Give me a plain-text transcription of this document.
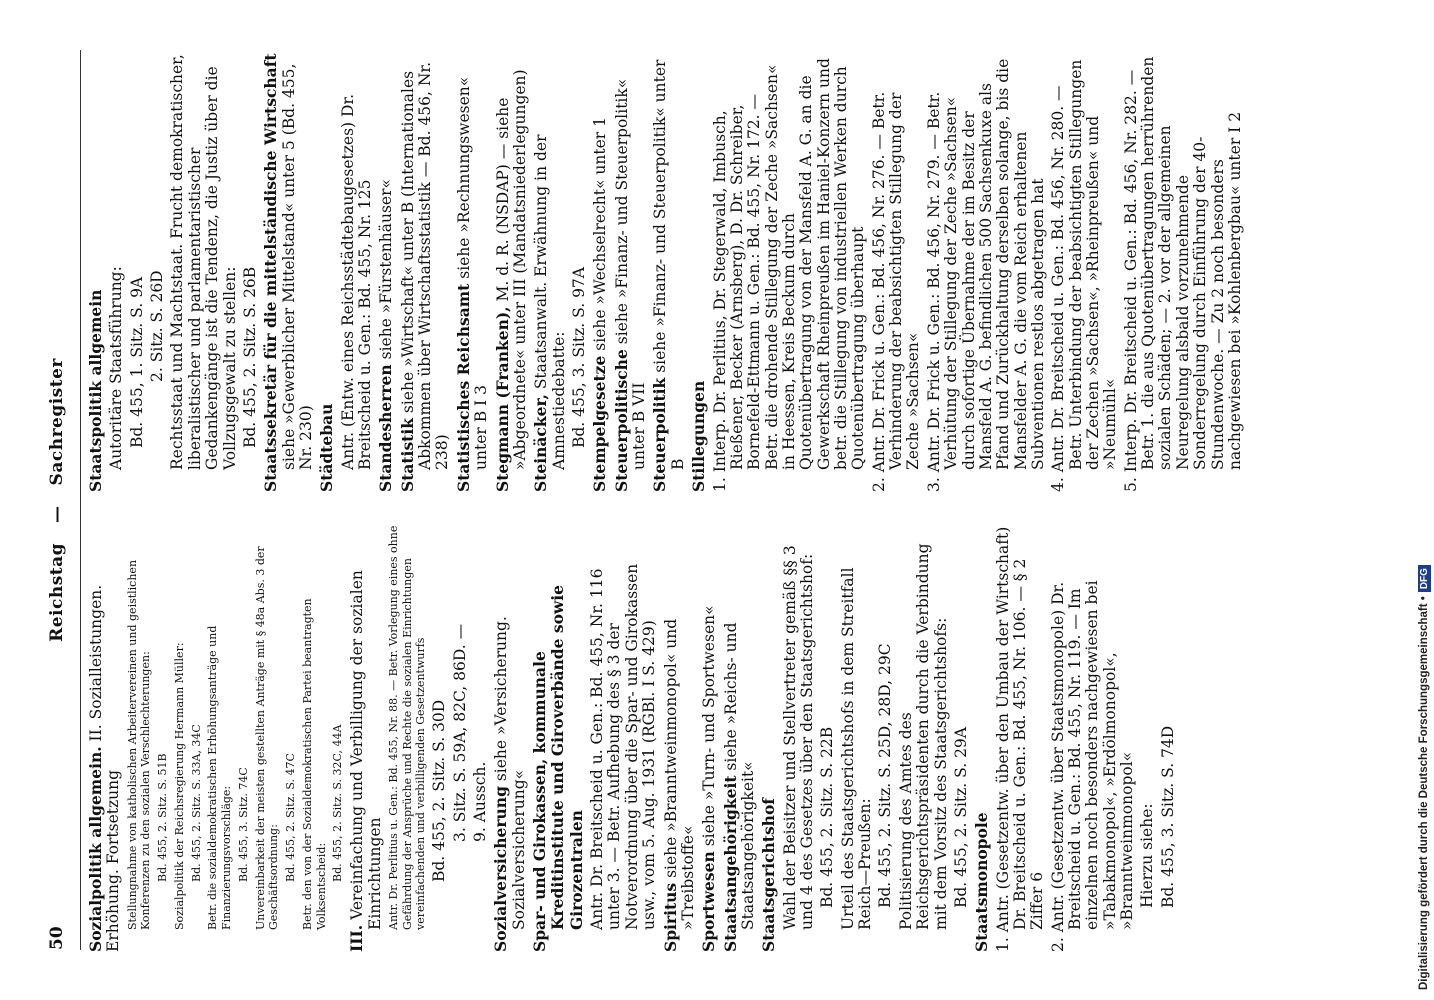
50
Reichstag—Sachregister
Sozialpolitik allgemein. II. Sozialleistungen. Erhöhung. Fortsetzung Stellungnahme von katholischen Arbeitervereinen und geistlichen Konferenzen zu den sozialen Verschlechterungen: Bd. 455, 2. Sitz. S. 51B Sozialpolitik der Reichsregierung Hermann Müller: Bd. 455, 2. Sitz. S. 33A, 34C Betr. die sozialdemokratischen Erhöhungsanträge und Finanzierungsvorschläge: Bd. 455, 3. Sitz. 74C Unvereinbarkeit der meisten gestellten Anträge mit § 48a Abs. 3 der Geschäftsordnung: Bd. 455, 2. Sitz. S. 47C Betr. den von der Sozialdemokratischen Partei beantragten Volksentscheid:
Bd. 455, 2. Sitz. S. 32C, 44A
III. Vereinfachung und Verbilligung der sozialen Einrichtungen Antr. Dr. Perlitius u. Gen.: Bd. 455, Nr. 88. — Betr. Vorlegung eines ohne Gefährdung der Ansprüche und Rechte die sozialen Einrichtungen vereinfachenden und verbilligenden Gesetzentwurfs Bd. 455, 2. Sitz. S. 30D 3. Sitz. S. 59A, 82C, 86D. — 9. Aussch. Sozialversicherung siehe »Versicherung. Sozialversicherung« Spar- und Girokassen, kommunale Kreditinstitute und Giroverbände sowie Girozentralen Antr. Dr. Breitscheid u. Gen.: Bd. 455, Nr. 116 unter 3. — Betr. Aufhebung des § 3 der Notverordnung über die Spar- und Girokassen usw., vom 5. Aug. 1931 (RGBl. I S. 429) Spiritus siehe »Branntweinmonopol« und »Treibstoffe« Sportwesen siehe »Turn- und Sportwesen«
Staatsangehörigkeit siehe »Reichs- und Staatsangehörigkeit« Staatsgerichtshof Wahl der Beisitzer und Stellvertreter gemäß §§ 3 und 4 des Gesetzes über den Staatsgerichtshof: Bd. 455, 2. Sitz. S. 22B Urteil des Staatsgerichtshofs in dem Streitfall Reich—Preußen: Bd. 455, 2. Sitz. S. 25D, 28D, 29C Politisierung des Amtes des Reichsgerichtspräsidenten durch die Verbindung mit dem Vorsitz des Staatsgerichtshofs: Bd. 455, 2. Sitz. S. 29A Staatsmonopole 1. Antr. (Gesetzentw. über den Umbau der Wirtschaft) Dr. Breitscheid u. Gen.: Bd. 455, Nr. 106. — § 2 Ziffer 6 2. Antr. (Gesetzentw. über Staatsmonopole) Dr. Breitscheid u. Gen.: Bd. 455, Nr. 119. — Im einzelnen noch besonders nachgewiesen bei »Tabakmonopol«, »Erdölmonopol«, »Branntweinmonopol« Hierzu siehe: Bd. 455, 3. Sitz. S. 74D
Staatspolitik allgemein Autoritäre Staatsführung: Bd. 455, 1. Sitz. S. 9A 2. Sitz. S. 26D Rechtsstaat und Machtstaat. Frucht demokratischer, liberalistischer und parlamentaristischer Gedankengänge ist die Tendenz, die Justiz über die Vollzugsgewalt zu stellen: Bd. 455, 2. Sitz. S. 26B Staatssekretär für die mittelständische Wirtschaft siehe »Gewerblicher Mittelstand« unter 5 (Bd. 455, Nr. 230) Städtebau Antr. (Entw. eines Reichsstädtebaugesetzes) Dr. Breitscheid u. Gen.: Bd. 455, Nr. 125 Standesherren siehe »Fürstenhäuser«
Statistik siehe »Wirtschaft« unter B (Internationales Abkommen über Wirtschaftsstatistik — Bd. 456, Nr. 238) Statistisches Reichsamt siehe »Rechnungswesen« unter B I 3 Stegmann (Franken), M. d. R. (NSDAP) — siehe »Abgeordnete« unter III (Mandatsniederlegungen) Steinäcker, Staatsanwalt. Erwähnung in der Amnestiedebatte: Bd. 455, 3. Sitz. S. 97A Stempelgesetze siehe »Wechselrecht« unter 1
Steuerpolitische siehe »Finanz- und Steuerpolitik« unter B VII Steuerpolitik siehe »Finanz- und Steuerpolitik« unter B Stillegungen 1. Interp. Dr. Perlitius, Dr. Stegerwald, Imbusch, Rießener, Becker (Arnsberg), D. Dr. Schreiber, Bornefeld-Ettmann u. Gen.: Bd. 455, Nr. 172. — Betr. die drohende Stillegung der Zeche »Sachsen« in Heessen, Kreis Beckum durch Quotenübertragung von der Mansfeld A. G. an die Gewerkschaft Rheinpreußen im Haniel-Konzern und betr. die Stillegung von industriellen Werken durch Quotenübertragung überhaupt 2. Antr. Dr. Frick u. Gen.: Bd. 456, Nr. 276. — Betr. Verhinderung der beabsichtigten Stillegung der Zeche »Sachsen« 3. Antr. Dr. Frick u. Gen.: Bd. 456, Nr. 279. — Betr. Verhütung der Stillegung der Zeche »Sachsen« durch sofortige Übernahme der im Besitz der Mansfeld A. G. befindlichen 500 Sachsenkuxe als Pfand und Zurückhaltung derselben solange, bis die Mansfelder A. G. die vom Reich erhaltenen Subventionen restlos abgetragen hat 4. Antr. Dr. Breitscheid u. Gen.: Bd. 456, Nr. 280. — Betr. Unterbindung der beabsichtigten Stillegungen der Zechen »Sachsen«, »Rheinpreußen« und »Neumühl« 5. Interp. Dr. Breitscheid u. Gen.: Bd. 456, Nr. 282. — Betr. 1. die aus Quotenübertragungen herrührenden sozialen Schäden; — 2. vor der allgemeinen Neuregelung alsbald vorzunehmende Sonderregelung durch Einführung der 40-Stundenwoche. — Zu 2 noch besonders nachgewiesen bei »Kohlenbergbau« unter I 2
Digitalisierung gefördert durch die Deutsche Forschungsgemeinschaft •DFG
